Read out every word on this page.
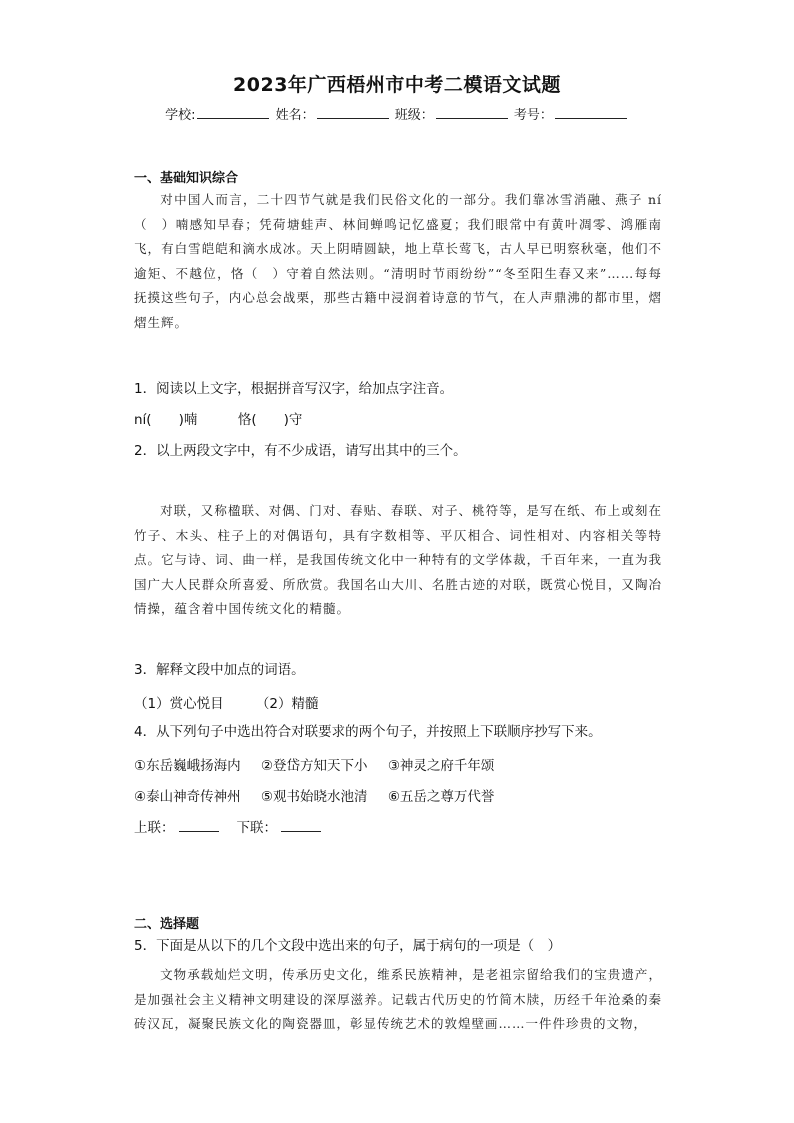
2023年广西梧州市中考二模语文试题
学校:	姓名：	班级：	考号：
一、基础知识综合
对中国人而言，二十四节气就是我们民俗文化的一部分。我们靠冰雪消融、燕子 ní（　）喃感知早春；凭荷塘蛙声、林间蝉鸣记忆盛夏；我们眼常中有黄叶凋零、鸿雁南飞，有白雪皑皑和滴水成冰。天上阴晴圆缺，地上草长莺飞，古人早已明察秋毫，他们不逾矩、不越位，恪（　）守着自然法则。“清明时节雨纷纷”“冬至阳生春又来”……每每抚摸这些句子，内心总会战栗，那些古籍中浸润着诗意的节气，在人声鼎沸的都市里，熠熠生辉。
1．阅读以上文字，根据拼音写汉字，给加点字注音。
ní(　　)喃　　　恪(　　)守
2．以上两段文字中，有不少成语，请写出其中的三个。
对联，又称楹联、对偶、门对、春贴、春联、对子、桃符等，是写在纸、布上或刻在竹子、木头、柱子上的对偶语句，具有字数相等、平仄相合、词性相对、内容相关等特点。它与诗、词、曲一样，是我国传统文化中一种特有的文学体裁，千百年来，一直为我国广大人民群众所喜爱、所欣赏。我国名山大川、名胜古迹的对联，既赏心悦目，又陶冶情操，蕴含着中国传统文化的精髓。
3．解释文段中加点的词语。
（1）赏心悦目 （2）精髓
4．从下列句子中选出符合对联要求的两个句子，并按照上下联顺序抄写下来。
①东岳巍峨扬海内 ②登岱方知天下小 ③神灵之府千年颂
④泰山神奇传神州 ⑤观书始晓水池清 ⑥五岳之尊万代誉
上联：	下联：
二、选择题
5．下面是从以下的几个文段中选出来的句子，属于病句的一项是（　）
文物承载灿烂文明，传承历史文化，维系民族精神，是老祖宗留给我们的宝贵遗产，是加强社会主义精神文明建设的深厚滋养。记载古代历史的竹简木牍，历经千年沧桑的秦砖汉瓦，凝聚民族文化的陶瓷器皿，彰显传统艺术的敦煌壁画……一件件珍贵的文物，
